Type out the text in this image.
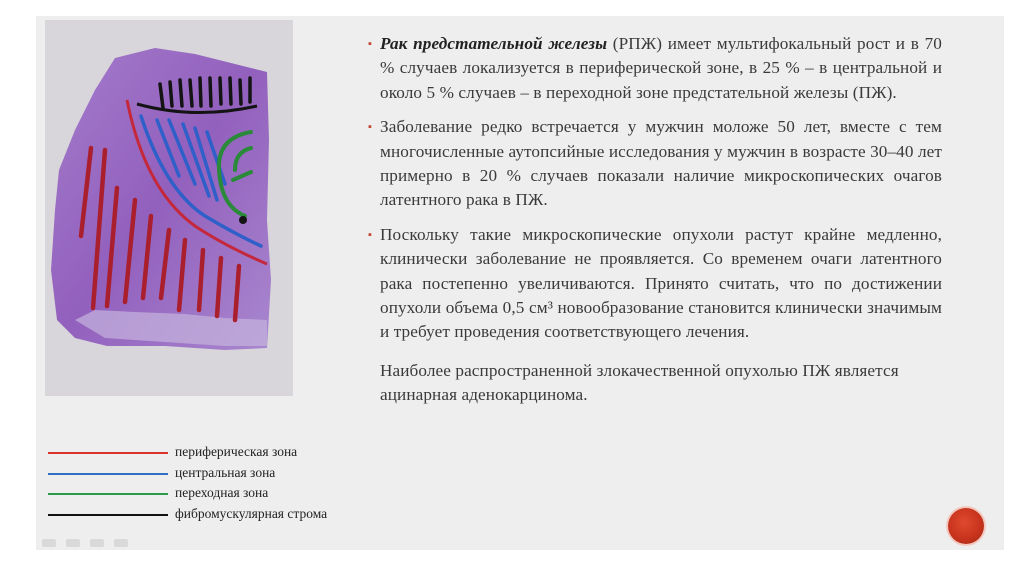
периферическая зона
центральная зона
переходная зона
фибромускулярная строма

▪ Рак предстательной железы (РПЖ) имеет мультифокальный рост и в 70 % случаев локализуется в периферической зоне, в 25 % – в центральной и около 5 % случаев – в переходной зоне предстательной железы (ПЖ).

▪ Заболевание редко встречается у мужчин моложе 50 лет, вместе с тем многочисленные аутопсийные исследования у мужчин в возрасте 30–40 лет примерно в 20 % случаев показали наличие микроскопических очагов латентного рака в ПЖ.

▪ Поскольку такие микроскопические опухоли растут крайне медленно, клинически заболевание не проявляется. Со временем очаги латентного рака постепенно увеличиваются. Принято считать, что по достижении опухоли объема 0,5 см³ новообразование становится клинически значимым и требует проведения соответствующего лечения.

Наиболее распространенной злокачественной опухолью ПЖ является ацинарная аденокарцинома.
